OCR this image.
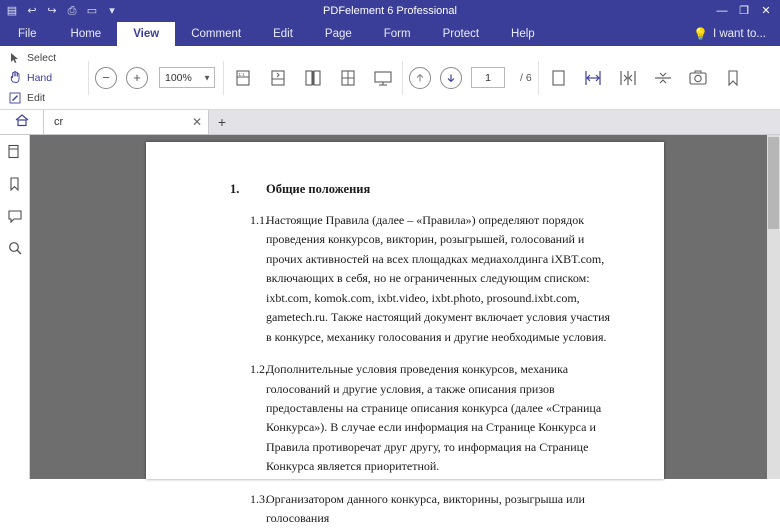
▤ ↩ ↪ ⎙ ▭	▾	PDFelement 6 Professional	— ❐ ✕
File	Home	View	Comment	Edit	Page	Form	Protect	Help	💡 I want to...
Select
Hand
Edit
−	+	100% ▼	1:1	1	/ 6
cr	✕	+
1.	Общие положения
1.1.
Настоящие Правила (далее – «Правила») определяют порядок проведения конкурсов, викторин, розыгрышей, голосований и прочих активностей на всех площадках медиахолдинга iXBT.com, включающих в себя, но не ограниченных следующим списком: ixbt.com, komok.com, ixbt.video, ixbt.photo, prosound.ixbt.com, gametech.ru. Также настоящий документ включает условия участия в конкурсе, механику голосования и другие необходимые условия.
1.2.
Дополнительные условия проведения конкурсов, механика голосований и другие условия, а также описания призов предоставлены на странице описания конкурса (далее «Страница Конкурса»). В случае если информация на Странице Конкурса и Правила противоречат друг другу, то информация на Странице Конкурса является приоритетной.
1.3.
Организатором данного конкурса, викторины, розыгрыша или голосования
